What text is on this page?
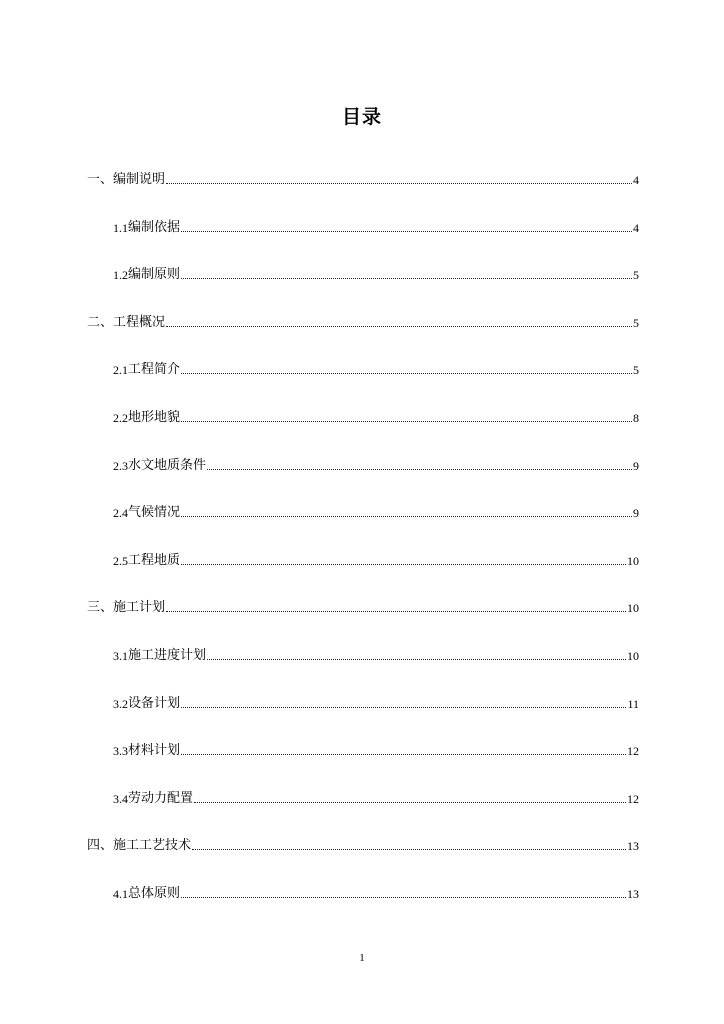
目录
一、编制说明	4
1.1 编制依据	4
1.2 编制原则	5
二、工程概况	5
2.1 工程简介	5
2.2 地形地貌	8
2.3 水文地质条件	9
2.4 气候情况	9
2.5 工程地质	10
三、施工计划	10
3.1 施工进度计划	10
3.2 设备计划	11
3.3 材料计划	12
3.4 劳动力配置	12
四、施工工艺技术	13
4.1 总体原则	13
1
